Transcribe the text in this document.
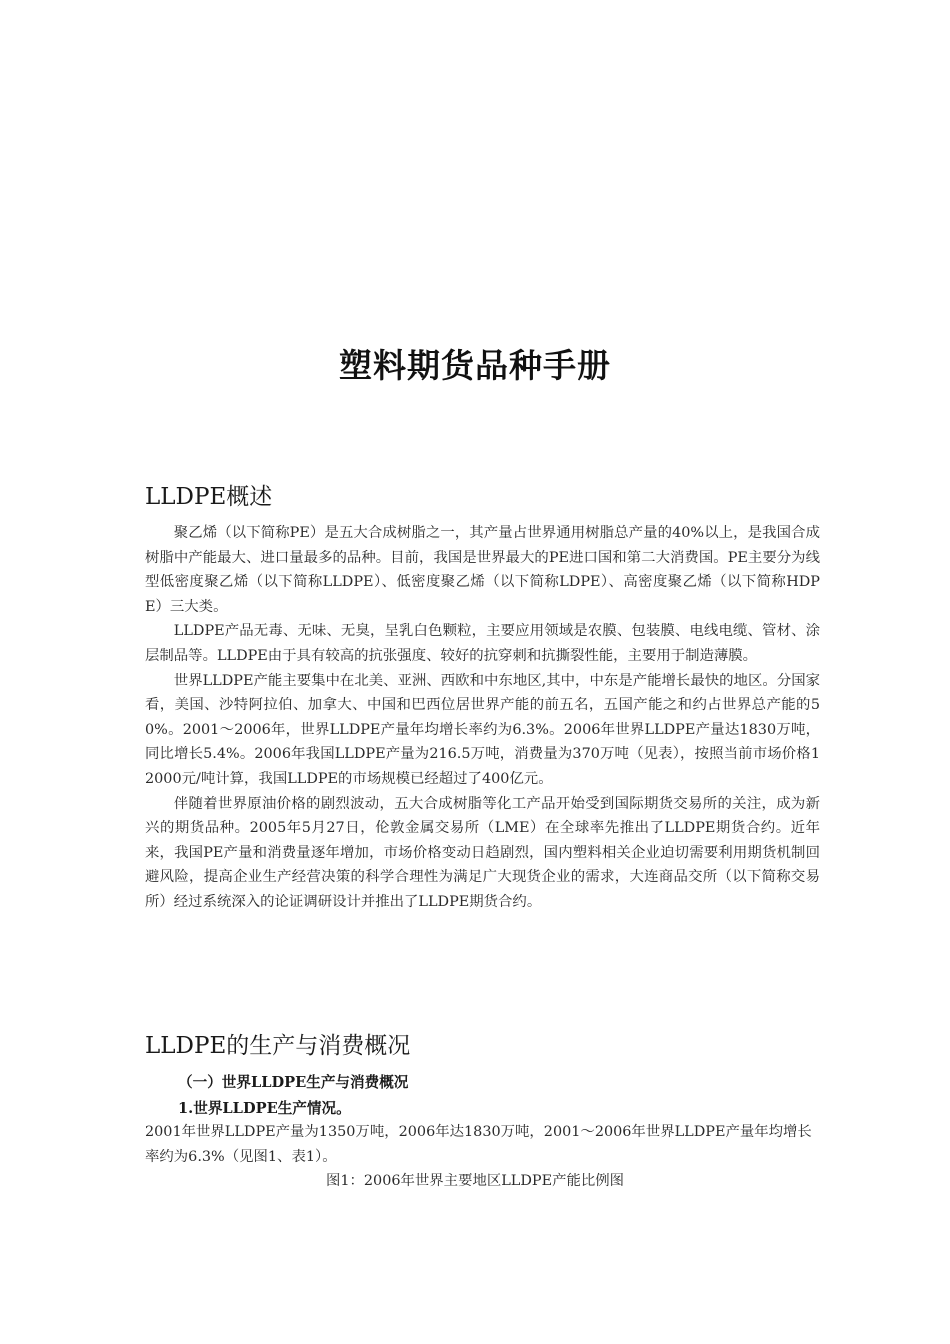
塑料期货品种手册
LLDPE概述

聚乙烯（以下简称PE）是五大合成树脂之一，其产量占世界通用树脂总产量的40%以上，是我国合成树脂中产能最大、进口量最多的品种。目前，我国是世界最大的PE进口国和第二大消费国。PE主要分为线型低密度聚乙烯（以下简称LLDPE）、低密度聚乙烯（以下简称LDPE）、高密度聚乙烯（以下简称HDPE）三大类。

LLDPE产品无毒、无味、无臭，呈乳白色颗粒，主要应用领域是农膜、包装膜、电线电缆、管材、涂层制品等。LLDPE由于具有较高的抗张强度、较好的抗穿刺和抗撕裂性能，主要用于制造薄膜。

世界LLDPE产能主要集中在北美、亚洲、西欧和中东地区,其中，中东是产能增长最快的地区。分国家看，美国、沙特阿拉伯、加拿大、中国和巴西位居世界产能的前五名，五国产能之和约占世界总产能的50%。2001～2006年，世界LLDPE产量年均增长率约为6.3%。2006年世界LLDPE产量达1830万吨，同比增长5.4%。2006年我国LLDPE产量为216.5万吨，消费量为370万吨（见表），按照当前市场价格12000元/吨计算，我国LLDPE的市场规模已经超过了400亿元。

伴随着世界原油价格的剧烈波动，五大合成树脂等化工产品开始受到国际期货交易所的关注，成为新兴的期货品种。2005年5月27日，伦敦金属交易所（LME）在全球率先推出了LLDPE期货合约。近年来，我国PE产量和消费量逐年增加，市场价格变动日趋剧烈，国内塑料相关企业迫切需要利用期货机制回避风险，提高企业生产经营决策的科学合理性为满足广大现货企业的需求，大连商品交所（以下简称交易所）经过系统深入的论证调研设计并推出了LLDPE期货合约。

LLDPE的生产与消费概况
（一）世界LLDPE生产与消费概况
1.世界LLDPE生产情况。
2001年世界LLDPE产量为1350万吨，2006年达1830万吨，2001～2006年世界LLDPE产量年均增长率约为6.3%（见图1、表1）。
图1：2006年世界主要地区LLDPE产能比例图
